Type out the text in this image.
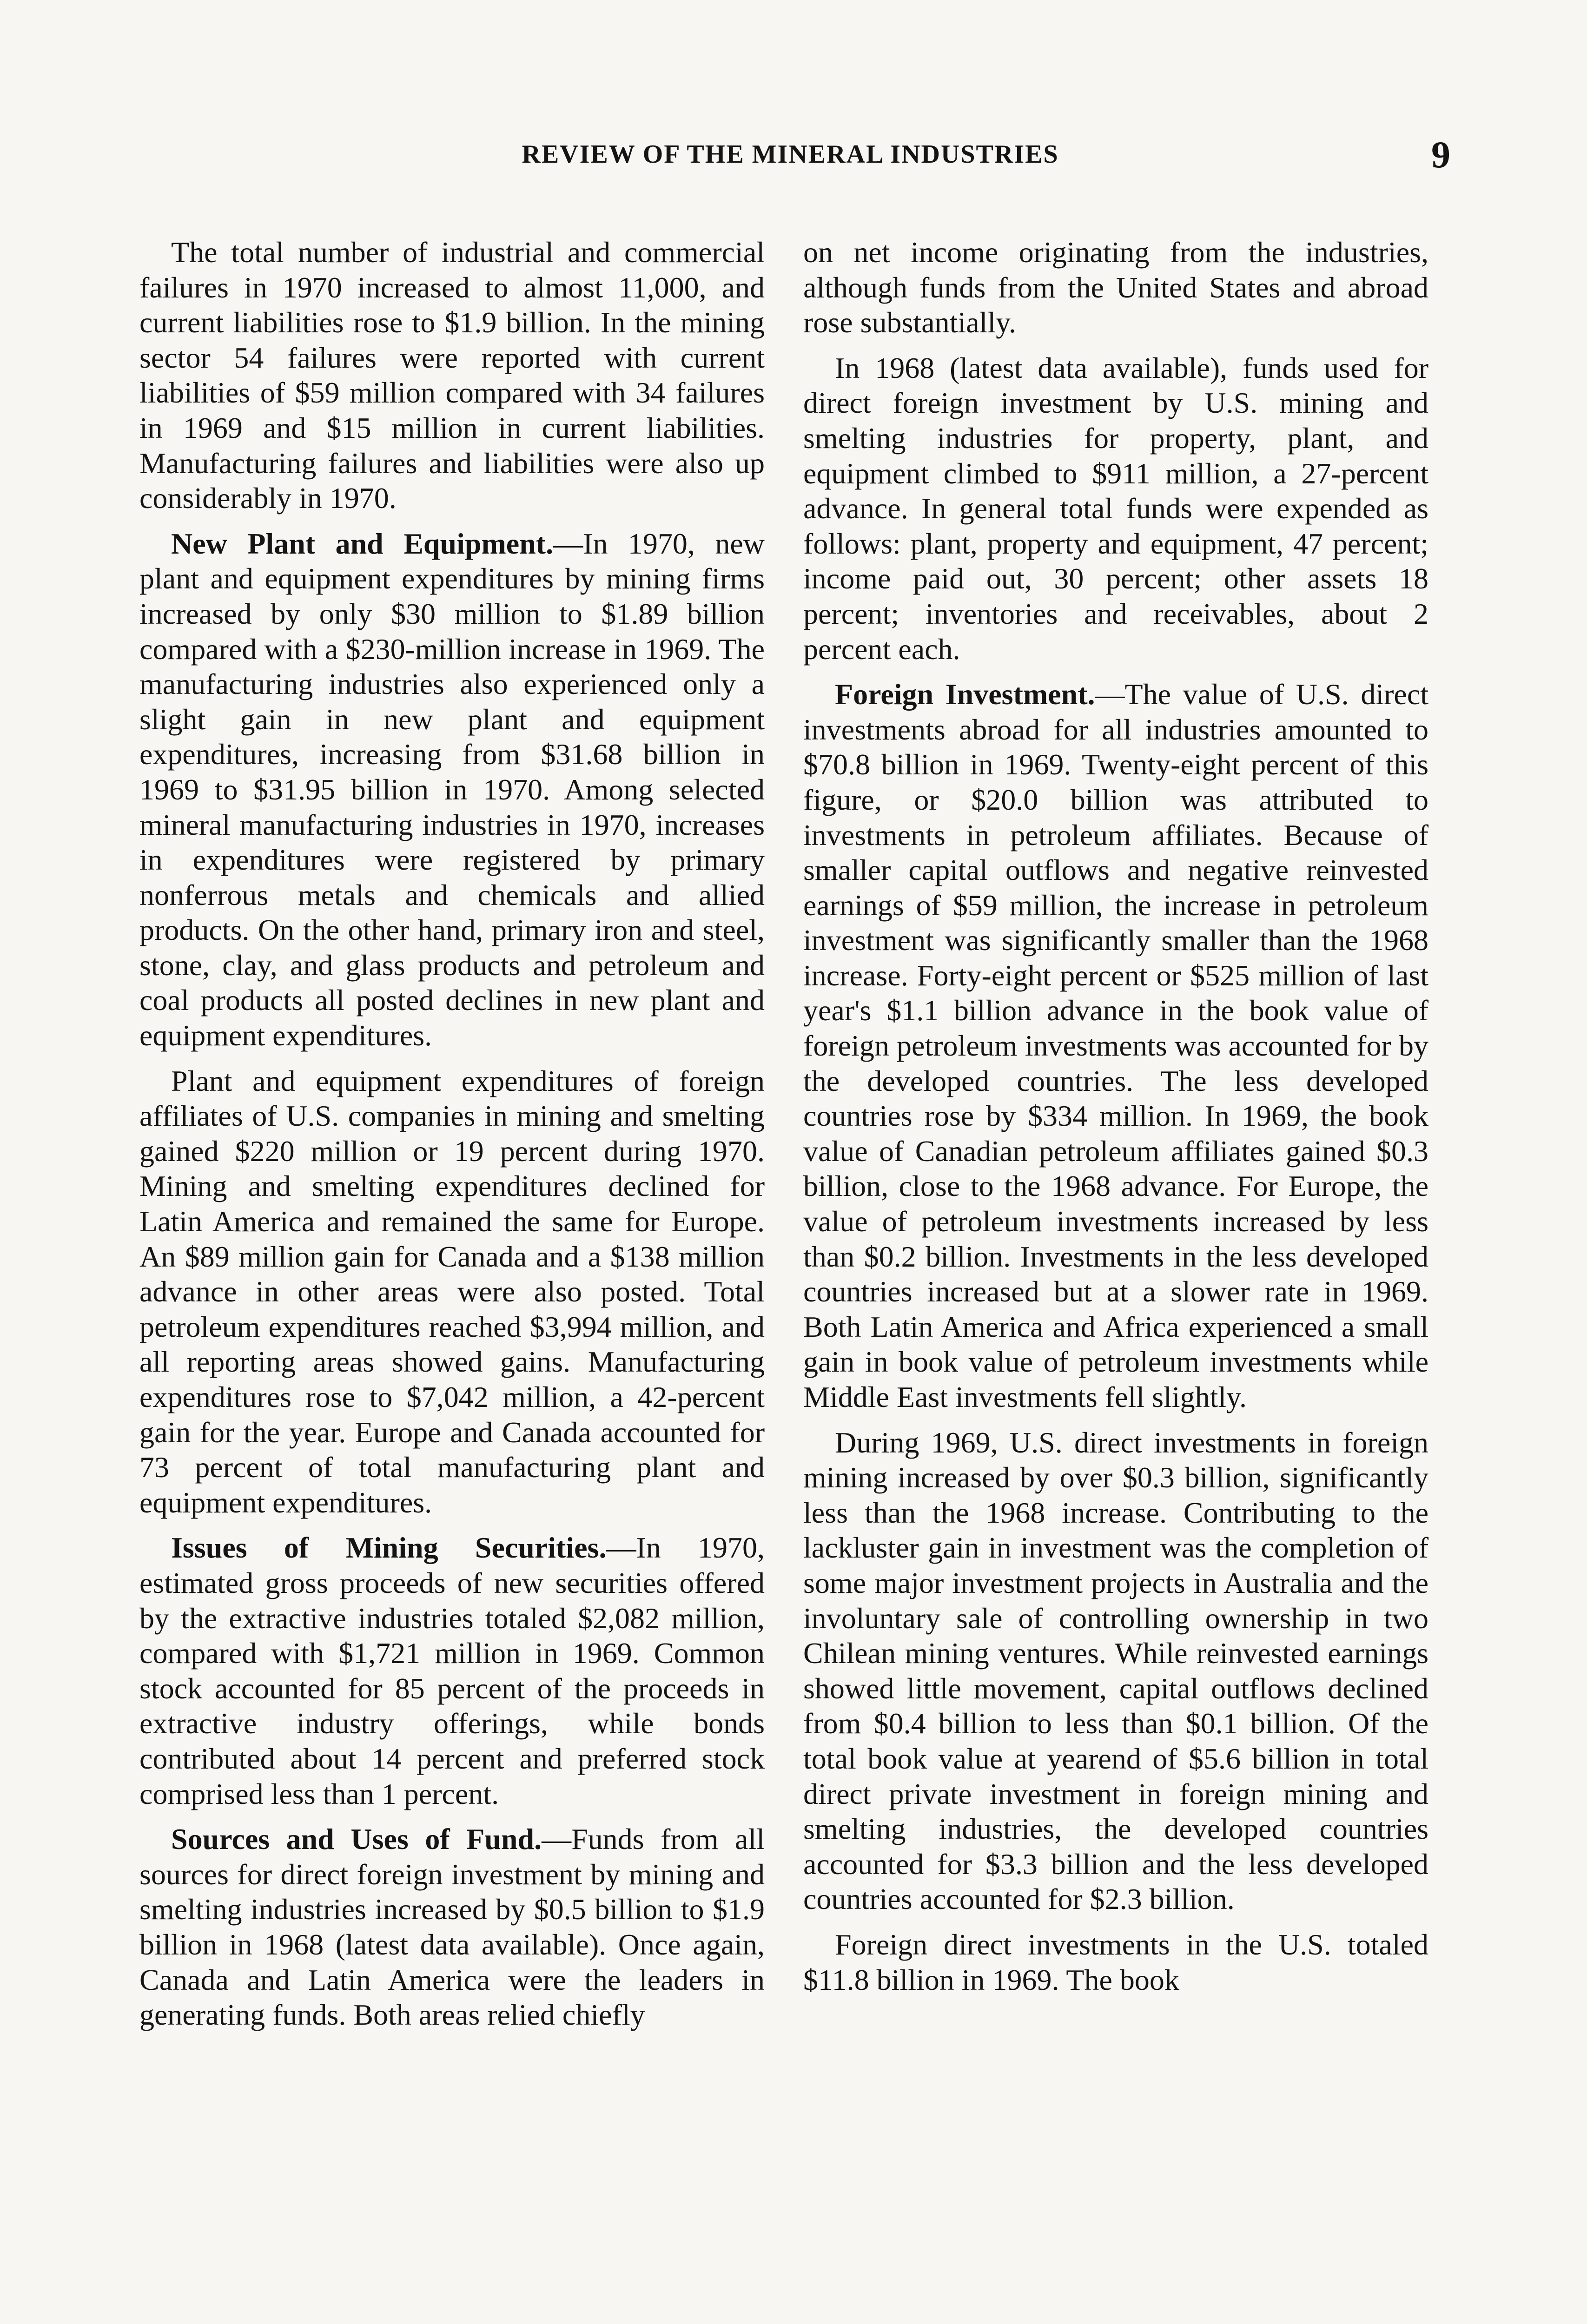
REVIEW OF THE MINERAL INDUSTRIES	9

The total number of industrial and commercial failures in 1970 increased to almost 11,000, and current liabilities rose to $1.9 billion. In the mining sector 54 failures were reported with current liabilities of $59 million compared with 34 failures in 1969 and $15 million in current liabilities. Manufacturing failures and liabilities were also up considerably in 1970.

New Plant and Equipment.—In 1970, new plant and equipment expenditures by mining firms increased by only $30 million to $1.89 billion compared with a $230-million increase in 1969. The manufacturing industries also experienced only a slight gain in new plant and equipment expenditures, increasing from $31.68 billion in 1969 to $31.95 billion in 1970. Among selected mineral manufacturing industries in 1970, increases in expenditures were registered by primary nonferrous metals and chemicals and allied products. On the other hand, primary iron and steel, stone, clay, and glass products and petroleum and coal products all posted declines in new plant and equipment expenditures.

Plant and equipment expenditures of foreign affiliates of U.S. companies in mining and smelting gained $220 million or 19 percent during 1970. Mining and smelting expenditures declined for Latin America and remained the same for Europe. An $89 million gain for Canada and a $138 million advance in other areas were also posted. Total petroleum expenditures reached $3,994 million, and all reporting areas showed gains. Manufacturing expenditures rose to $7,042 million, a 42-percent gain for the year. Europe and Canada accounted for 73 percent of total manufacturing plant and equipment expenditures.

Issues of Mining Securities.—In 1970, estimated gross proceeds of new securities offered by the extractive industries totaled $2,082 million, compared with $1,721 million in 1969. Common stock accounted for 85 percent of the proceeds in extractive industry offerings, while bonds contributed about 14 percent and preferred stock comprised less than 1 percent.

Sources and Uses of Fund.—Funds from all sources for direct foreign investment by mining and smelting industries increased by $0.5 billion to $1.9 billion in 1968 (latest data available). Once again, Canada and Latin America were the leaders in generating funds. Both areas relied chiefly

on net income originating from the industries, although funds from the United States and abroad rose substantially.

In 1968 (latest data available), funds used for direct foreign investment by U.S. mining and smelting industries for property, plant, and equipment climbed to $911 million, a 27-percent advance. In general total funds were expended as follows: plant, property and equipment, 47 percent; income paid out, 30 percent; other assets 18 percent; inventories and receivables, about 2 percent each.

Foreign Investment.—The value of U.S. direct investments abroad for all industries amounted to $70.8 billion in 1969. Twenty-eight percent of this figure, or $20.0 billion was attributed to investments in petroleum affiliates. Because of smaller capital outflows and negative reinvested earnings of $59 million, the increase in petroleum investment was significantly smaller than the 1968 increase. Forty-eight percent or $525 million of last year's $1.1 billion advance in the book value of foreign petroleum investments was accounted for by the developed countries. The less developed countries rose by $334 million. In 1969, the book value of Canadian petroleum affiliates gained $0.3 billion, close to the 1968 advance. For Europe, the value of petroleum investments increased by less than $0.2 billion. Investments in the less developed countries increased but at a slower rate in 1969. Both Latin America and Africa experienced a small gain in book value of petroleum investments while Middle East investments fell slightly.

During 1969, U.S. direct investments in foreign mining increased by over $0.3 billion, significantly less than the 1968 increase. Contributing to the lackluster gain in investment was the completion of some major investment projects in Australia and the involuntary sale of controlling ownership in two Chilean mining ventures. While reinvested earnings showed little movement, capital outflows declined from $0.4 billion to less than $0.1 billion. Of the total book value at yearend of $5.6 billion in total direct private investment in foreign mining and smelting industries, the developed countries accounted for $3.3 billion and the less developed countries accounted for $2.3 billion.

Foreign direct investments in the U.S. totaled $11.8 billion in 1969. The book
